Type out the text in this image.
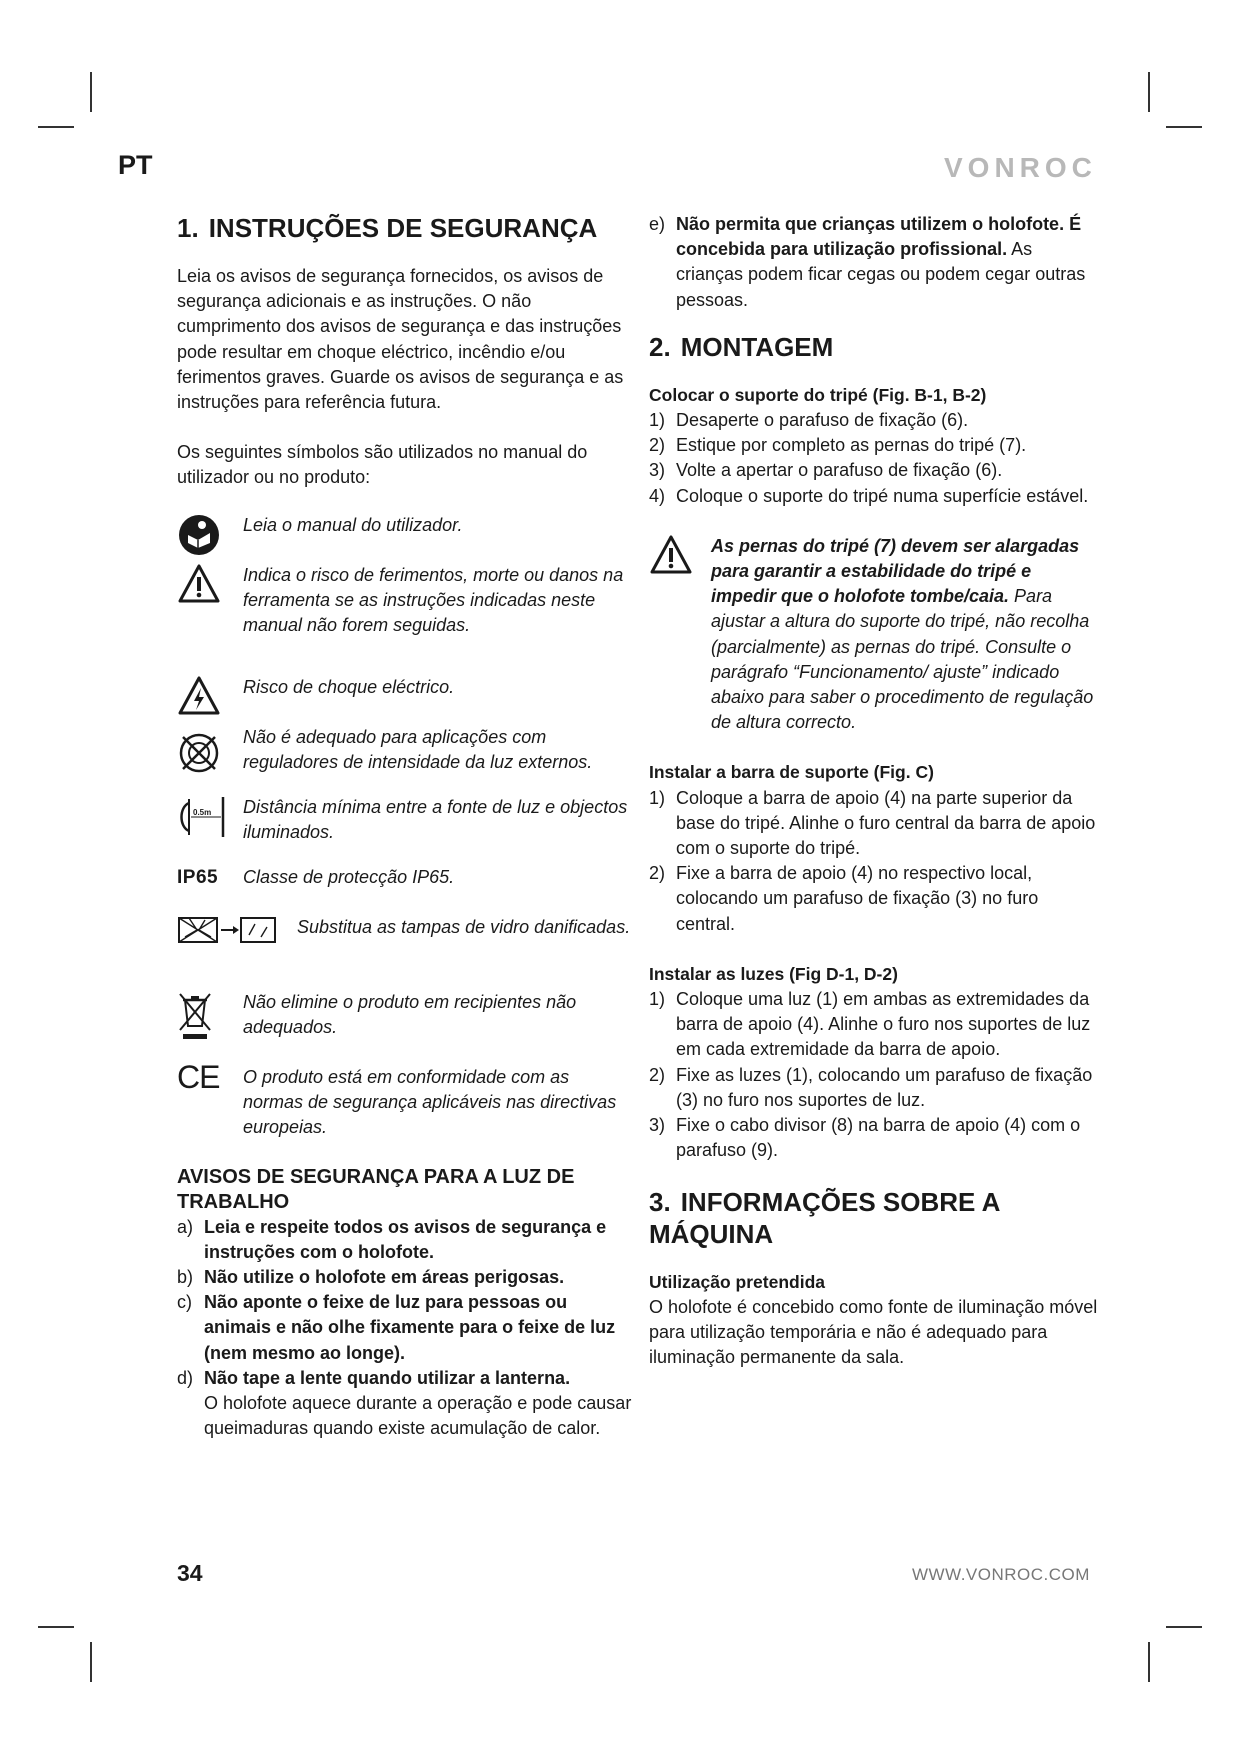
PT	VONROC
1. INSTRUÇÕES DE SEGURANÇA

Leia os avisos de segurança fornecidos, os avisos de segurança adicionais e as instruções. O não cumprimento dos avisos de segurança e das instruções pode resultar em choque eléctrico, incêndio e/ou ferimentos graves. Guarde os avisos de segurança e as instruções para referência futura.

Os seguintes símbolos são utilizados no manual do utilizador ou no produto:

Leia o manual do utilizador.
Indica o risco de ferimentos, morte ou danos na ferramenta se as instruções indicadas neste manual não forem seguidas.
Risco de choque eléctrico.
Não é adequado para aplicações com reguladores de intensidade da luz externos.
0.5m Distância mínima entre a fonte de luz e objectos iluminados.
IP65	Classe de protecção IP65.
Substitua as tampas de vidro danificadas.
Não elimine o produto em recipientes não adequados.
CE	O produto está em conformidade com as normas de segurança aplicáveis nas directivas europeias.

AVISOS DE SEGURANÇA PARA A LUZ DE TRABALHO

a) Leia e respeite todos os avisos de segurança e instruções com o holofote.
b) Não utilize o holofote em áreas perigosas.
c) Não aponte o feixe de luz para pessoas ou animais e não olhe fixamente para o feixe de luz (nem mesmo ao longe).
d) Não tape a lente quando utilizar a lanterna.
O holofote aquece durante a operação e pode causar queimaduras quando existe acumulação de calor.
e) Não permita que crianças utilizem o holofote. É concebida para utilização profissional. As crianças podem ficar cegas ou podem cegar outras pessoas.
2. MONTAGEM

Colocar o suporte do tripé (Fig. B-1, B-2)

1) Desaperte o parafuso de fixação (6).
2) Estique por completo as pernas do tripé (7).
3) Volte a apertar o parafuso de fixação (6).
4) Coloque o suporte do tripé numa superfície estável.
As pernas do tripé (7) devem ser alargadas para garantir a estabilidade do tripé e impedir que o holofote tombe/caia. Para ajustar a altura do suporte do tripé, não recolha (parcialmente) as pernas do tripé. Consulte o parágrafo “Funcionamento/ ajuste” indicado abaixo para saber o procedimento de regulação de altura correcto.

Instalar a barra de suporte (Fig. C)

1) Coloque a barra de apoio (4) na parte superior da base do tripé. Alinhe o furo central da barra de apoio com o suporte do tripé.
2) Fixe a barra de apoio (4) no respectivo local, colocando um parafuso de fixação (3) no furo central.

Instalar as luzes (Fig D-1, D-2)

1) Coloque uma luz (1) em ambas as extremidades da barra de apoio (4). Alinhe o furo nos suportes de luz em cada extremidade da barra de apoio.
2) Fixe as luzes (1), colocando um parafuso de fixação (3) no furo nos suportes de luz.
3) Fixe o cabo divisor (8) na barra de apoio (4) com o parafuso (9).
3. INFORMAÇÕES SOBRE A MÁQUINA

Utilização pretendida

O holofote é concebido como fonte de iluminação móvel para utilização temporária e não é adequado para iluminação permanente da sala.

34	WWW.VONROC.COM
